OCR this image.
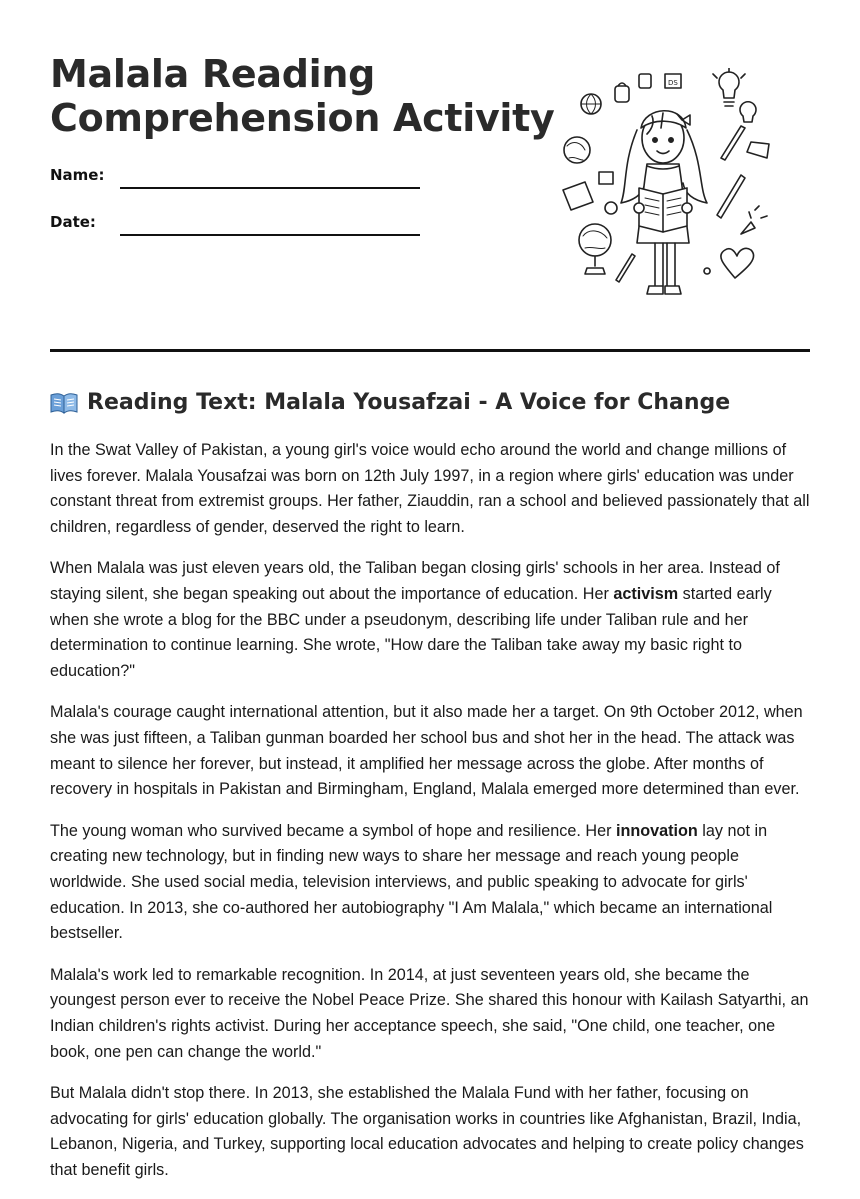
Malala Reading
Comprehension Activity
Name:
Date:
DS
Reading Text: Malala Yousafzai - A Voice for Change

In the Swat Valley of Pakistan, a young girl's voice would echo around the world and change millions of lives forever. Malala Yousafzai was born on 12th July 1997, in a region where girls' education was under constant threat from extremist groups. Her father, Ziauddin, ran a school and believed passionately that all children, regardless of gender, deserved the right to learn.

When Malala was just eleven years old, the Taliban began closing girls' schools in her area. Instead of staying silent, she began speaking out about the importance of education. Her activism started early when she wrote a blog for the BBC under a pseudonym, describing life under Taliban rule and her determination to continue learning. She wrote, "How dare the Taliban take away my basic right to education?"

Malala's courage caught international attention, but it also made her a target. On 9th October 2012, when she was just fifteen, a Taliban gunman boarded her school bus and shot her in the head. The attack was meant to silence her forever, but instead, it amplified her message across the globe. After months of recovery in hospitals in Pakistan and Birmingham, England, Malala emerged more determined than ever.

The young woman who survived became a symbol of hope and resilience. Her innovation lay not in creating new technology, but in finding new ways to share her message and reach young people worldwide. She used social media, television interviews, and public speaking to advocate for girls' education. In 2013, she co-authored her autobiography "I Am Malala," which became an international bestseller.

Malala's work led to remarkable recognition. In 2014, at just seventeen years old, she became the youngest person ever to receive the Nobel Peace Prize. She shared this honour with Kailash Satyarthi, an Indian children's rights activist. During her acceptance speech, she said, "One child, one teacher, one book, one pen can change the world."

But Malala didn't stop there. In 2013, she established the Malala Fund with her father, focusing on advocating for girls' education globally. The organisation works in countries like Afghanistan, Brazil, India, Lebanon, Nigeria, and Turkey, supporting local education advocates and helping to create policy changes that benefit girls.
